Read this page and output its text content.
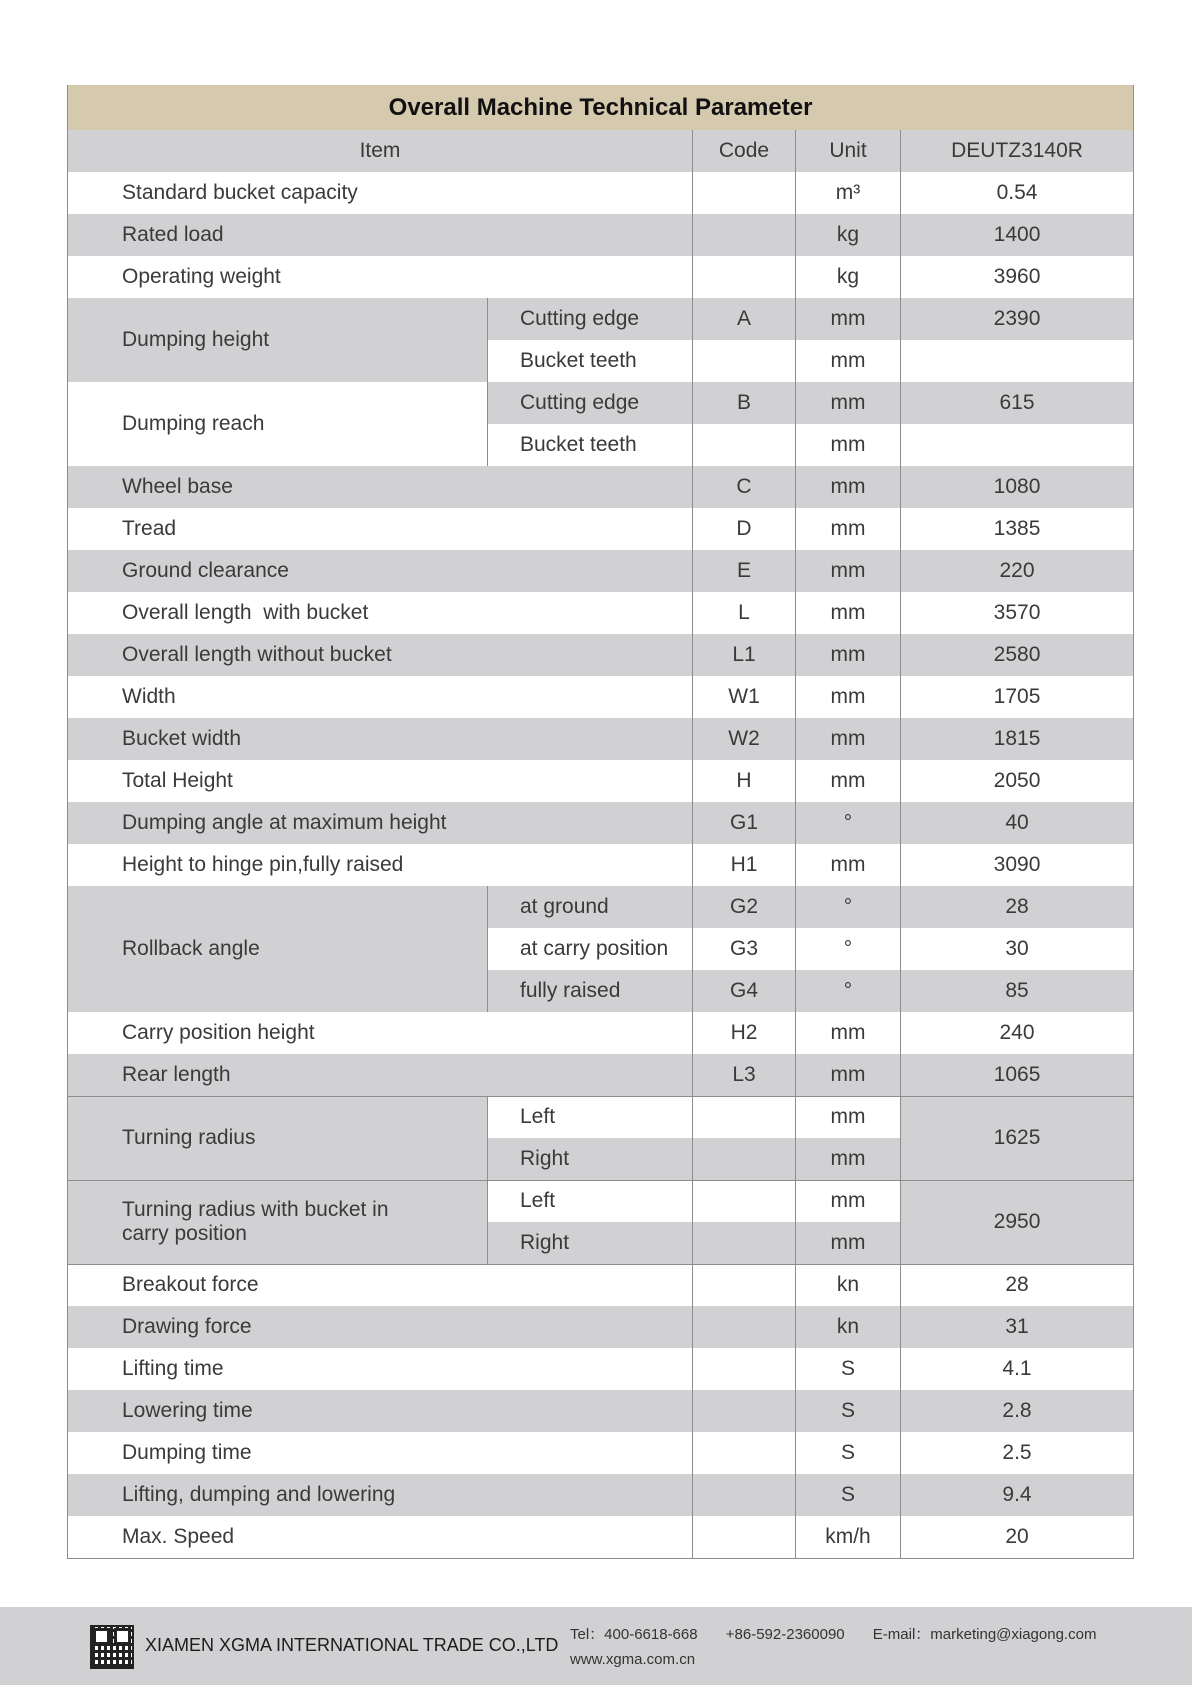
Overall Machine Technical Parameter				
Item		Code	Unit	DEUTZ3140R
Standard bucket capacity			m³	0.54
Rated load			kg	1400
Operating weight			kg	3960
Dumping height	Cutting edge	A	mm	2390
	Bucket teeth		mm	
Dumping reach	Cutting edge	B	mm	615
	Bucket teeth		mm	
Wheel base		C	mm	1080
Tread		D	mm	1385
Ground clearance		E	mm	220
Overall length  with bucket		L	mm	3570
Overall length without bucket		L1	mm	2580
Width		W1	mm	1705
Bucket width		W2	mm	1815
Total Height		H	mm	2050
Dumping angle at maximum height		G1	°	40
Height to hinge pin,fully raised		H1	mm	3090
Rollback angle	at ground	G2	°	28
	at carry position	G3	°	30
	fully raised	G4	°	85
Carry position height		H2	mm	240
Rear length		L3	mm	1065
Turning radius	Left		mm	1625
	Right		mm	

Turning radius with bucket in
carry position	Left		mm	2950
	Right		mm	
Breakout force			kn	28
Drawing force			kn	31
Lifting time			S	4.1
Lowering time			S	2.8
Dumping time			S	2.5
Lifting, dumping and lowering			S	9.4
Max. Speed			km/h	20
XIAMEN XGMA INTERNATIONAL TRADE CO.,LTD
Tel：400-6618-668 +86-592-2360090 E-mail：marketing@xiagong.com
www.xgma.com.cn
